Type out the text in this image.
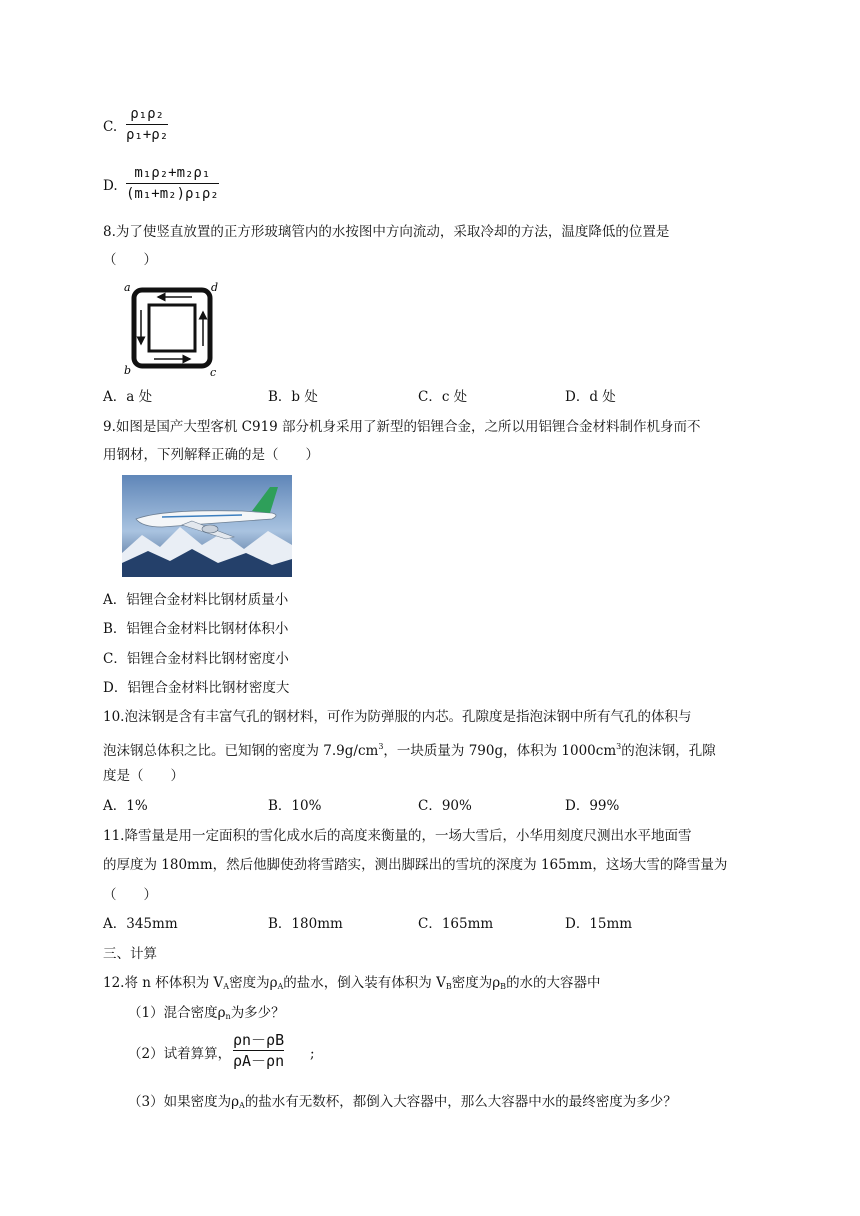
C.
ρ₁ρ₂
ρ₁+ρ₂
D.
m₁ρ₂+m₂ρ₁
(m₁+m₂)ρ₁ρ₂
8.为了使竖直放置的正方形玻璃管内的水按图中方向流动，采取冷却的方法，温度降低的位置是
（　　）
a
b	c
d
A．a 处	B．b 处	C．c 处	D．d 处
9.如图是国产大型客机 C919 部分机身采用了新型的铝锂合金，之所以用铝锂合金材料制作机身而不
用钢材，下列解释正确的是（　　）
A．铝锂合金材料比钢材质量小
B．铝锂合金材料比钢材体积小
C．铝锂合金材料比钢材密度小
D．铝锂合金材料比钢材密度大
10.泡沫钢是含有丰富气孔的钢材料，可作为防弹服的内芯。孔隙度是指泡沫钢中所有气孔的体积与
泡沫钢总体积之比。已知钢的密度为 $7.9g/cm^3$，一块质量为 790g，体积为 $1000cm^3$的泡沫钢，孔隙
度是（　　）
A．1%	B．10%	C．90%	D．99%
11.降雪量是用一定面积的雪化成水后的高度来衡量的，一场大雪后，小华用刻度尺测出水平地面雪
的厚度为 180mm，然后他脚使劲将雪踏实，测出脚踩出的雪坑的深度为 165mm，这场大雪的降雪量为
（　　）
A．345mm	B．180mm	C．165mm	D．15mm
三、计算
12.将 n 杯体积为 $V_A$密度为$\rho_A$的盐水，倒入装有体积为 $V_B$密度为$\rho_B$的水的大容器中
（1）混合密度$\rho_n$为多少？
（2）试着算算，
ρn－ρB
ρA－ρn ;
（3）如果密度为$\rho_A$的盐水有无数杯，都倒入大容器中，那么大容器中水的最终密度为多少？
